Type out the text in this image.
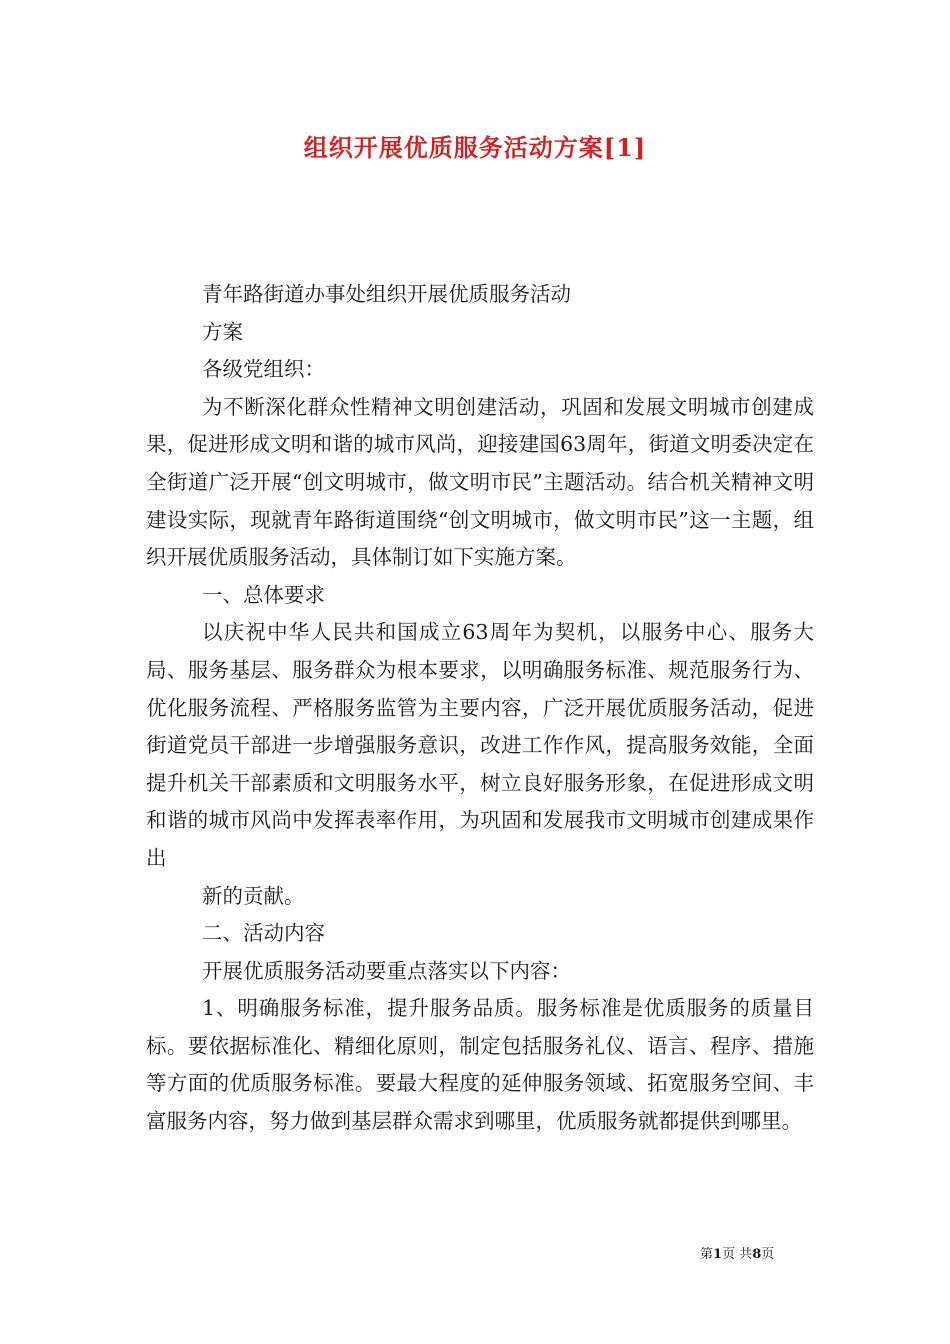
组织开展优质服务活动方案[1]

青年路街道办事处组织开展优质服务活动

方案

各级党组织：

为不断深化群众性精神文明创建活动，巩固和发展文明城市创建成果，促进形成文明和谐的城市风尚，迎接建国63周年，街道文明委决定在全街道广泛开展“创文明城市，做文明市民”主题活动。结合机关精神文明建设实际，现就青年路街道围绕“创文明城市，做文明市民”这一主题，组织开展优质服务活动，具体制订如下实施方案。

一、总体要求

以庆祝中华人民共和国成立63周年为契机，以服务中心、服务大局、服务基层、服务群众为根本要求，以明确服务标准、规范服务行为、优化服务流程、严格服务监管为主要内容，广泛开展优质服务活动，促进街道党员干部进一步增强服务意识，改进工作作风，提高服务效能，全面提升机关干部素质和文明服务水平，树立良好服务形象，在促进形成文明和谐的城市风尚中发挥表率作用，为巩固和发展我市文明城市创建成果作出

新的贡献。

二、活动内容

开展优质服务活动要重点落实以下内容：

1、明确服务标准，提升服务品质。服务标准是优质服务的质量目标。要依据标准化、精细化原则，制定包括服务礼仪、语言、程序、措施等方面的优质服务标准。要最大程度的延伸服务领域、拓宽服务空间、丰富服务内容，努力做到基层群众需求到哪里，优质服务就都提供到哪里。

第1页 共8页
